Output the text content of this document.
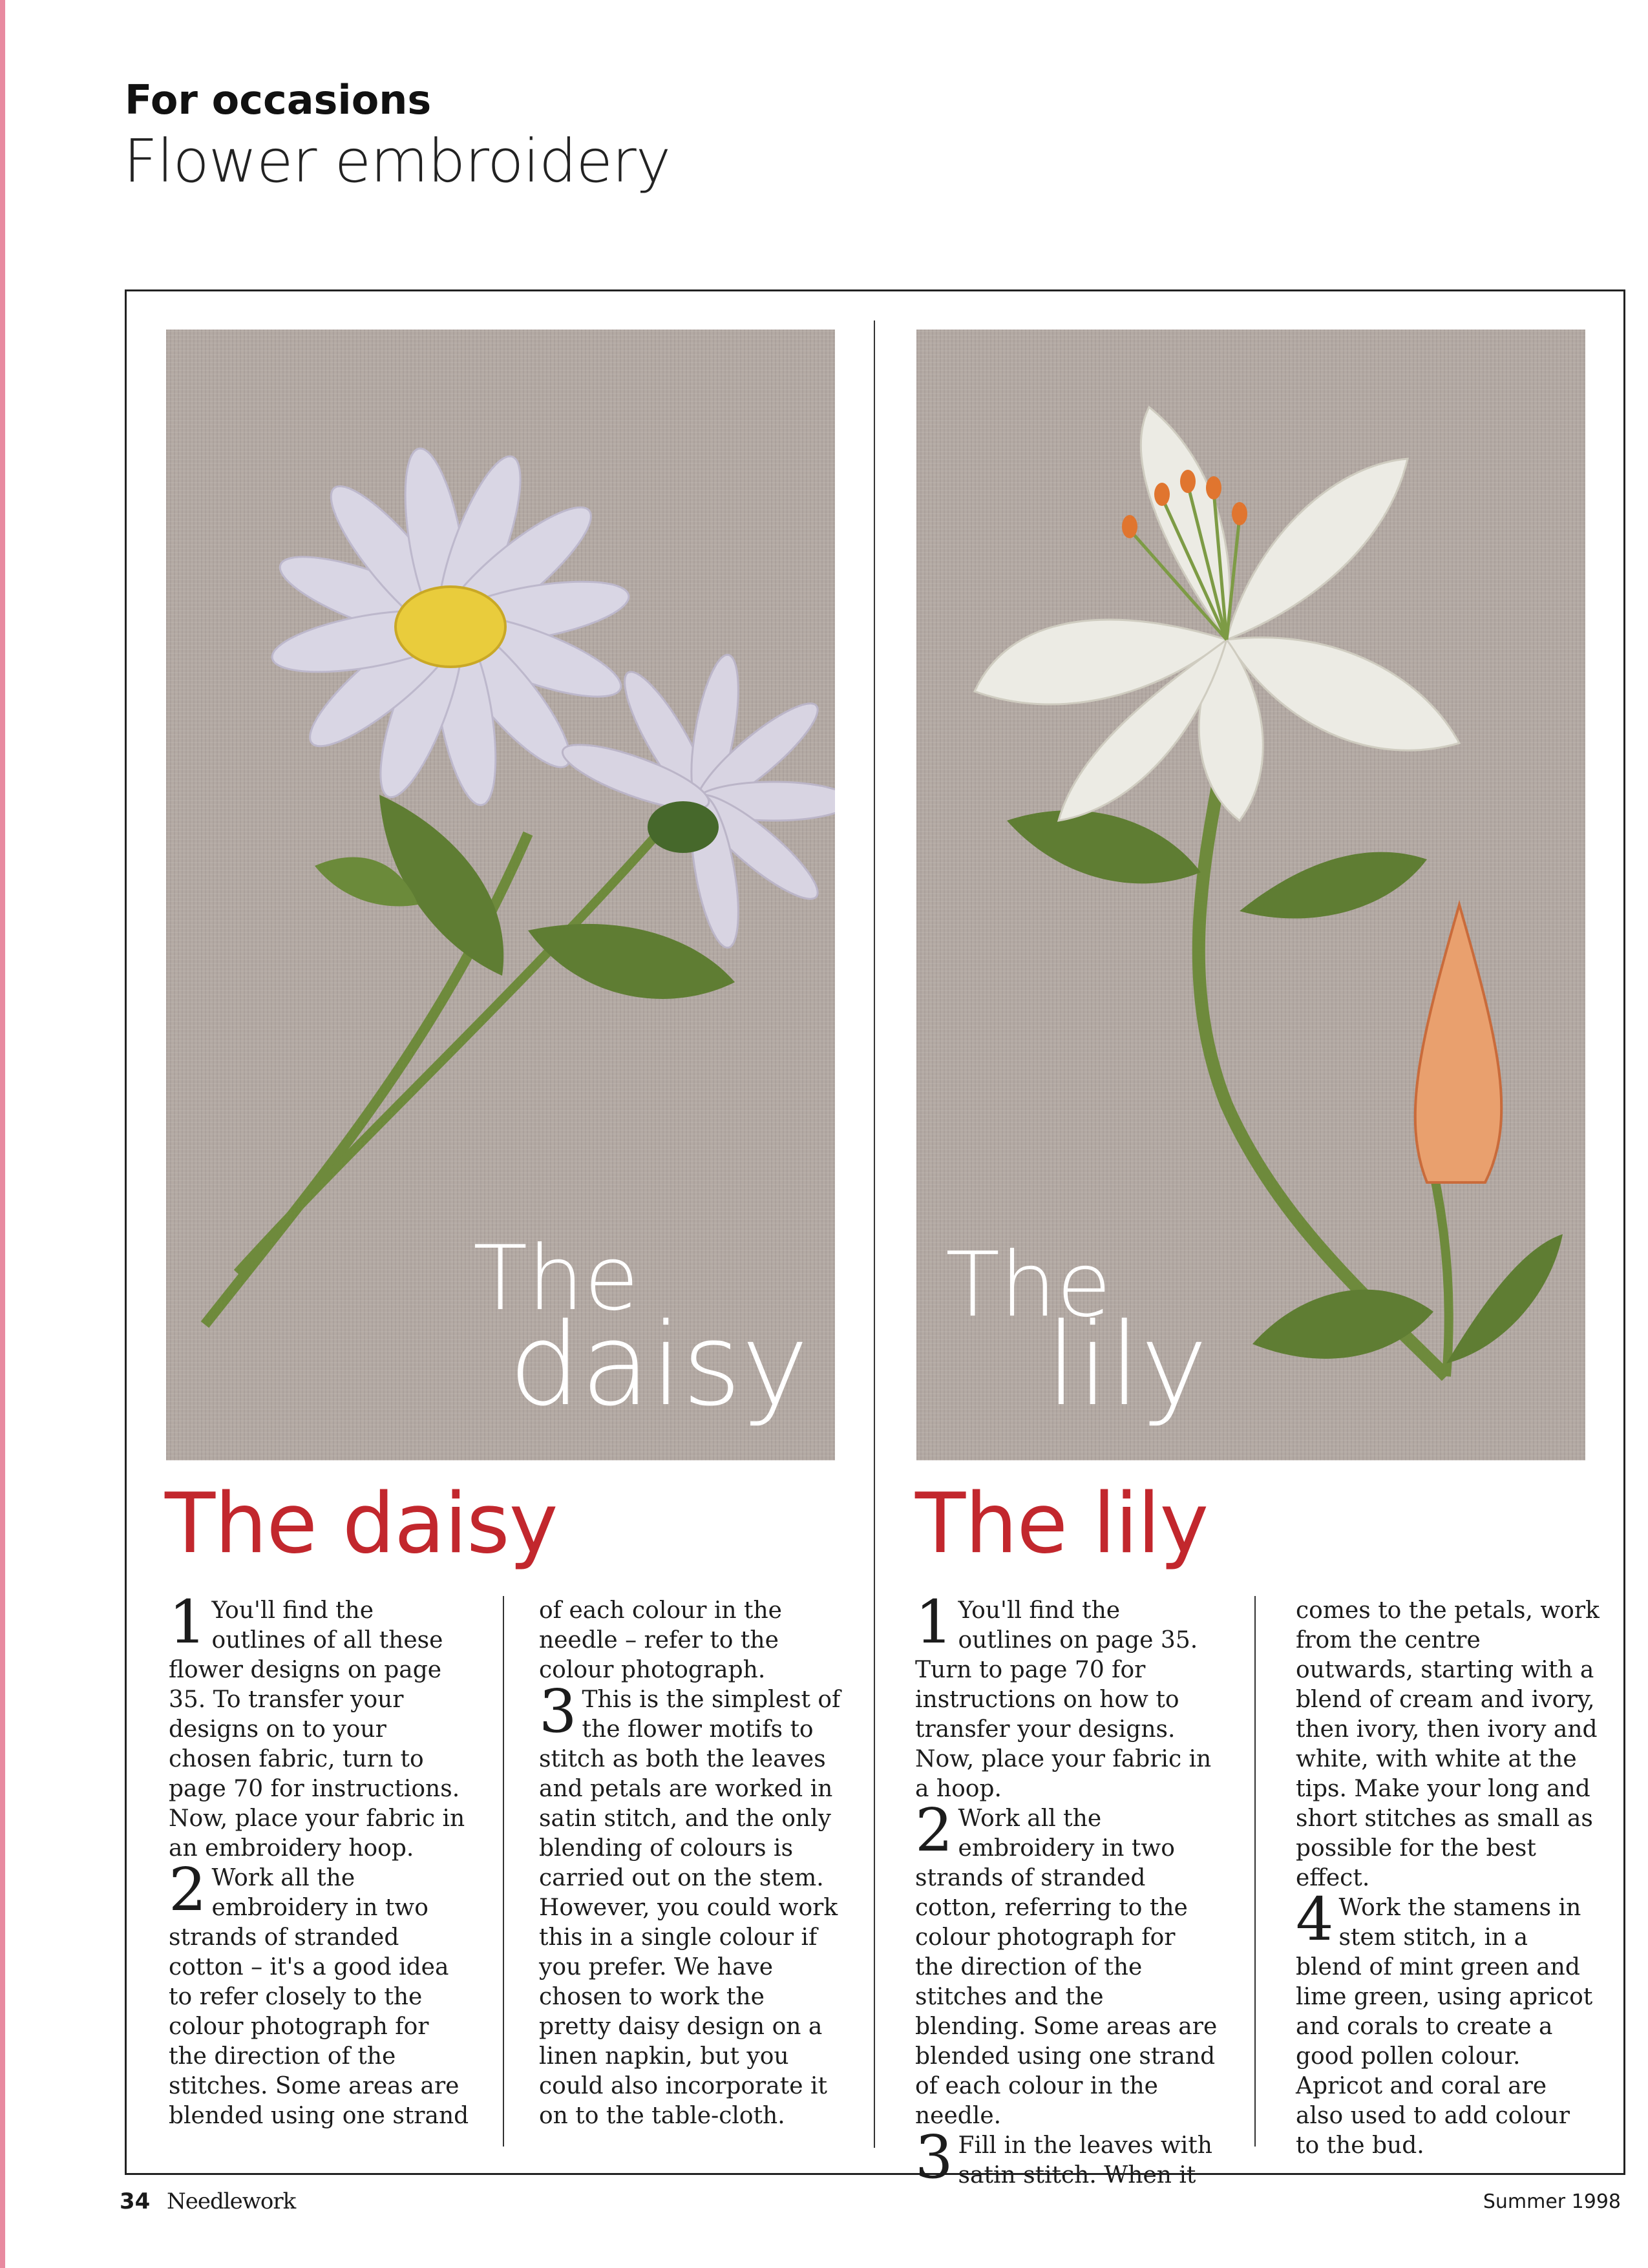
For occasions
Flower embroidery
The
daisy
The
lily
The daisy	The lily

1 You'll find the outlines of all these flower designs on page 35. To transfer your designs on to your chosen fabric, turn to page 70 for instructions. Now, place your fabric in an embroidery hoop.

2 Work all the embroidery in two strands of stranded cotton – it's a good idea to refer closely to the colour photograph for the direction of the stitches. Some areas are blended using one strand

of each colour in the needle – refer to the colour photograph.

3 This is the simplest of the flower motifs to stitch as both the leaves and petals are worked in satin stitch, and the only blending of colours is carried out on the stem. However, you could work this in a single colour if you prefer. We have chosen to work the pretty daisy design on a linen napkin, but you could also incorporate it on to the table-cloth.

1 You'll find the outlines on page 35. Turn to page 70 for instructions on how to transfer your designs. Now, place your fabric in a hoop.

2 Work all the embroidery in two strands of stranded cotton, referring to the colour photograph for the direction of the stitches and the blending. Some areas are blended using one strand of each colour in the needle.

3 Fill in the leaves with satin stitch. When it

comes to the petals, work from the centre outwards, starting with a blend of cream and ivory, then ivory, then ivory and white, with white at the tips. Make your long and short stitches as small as possible for the best effect.

4 Work the stamens in stem stitch, in a blend of mint green and lime green, using apricot and corals to create a good pollen colour. Apricot and coral are also used to add colour to the bud.

34 Needlework	Summer 1998
